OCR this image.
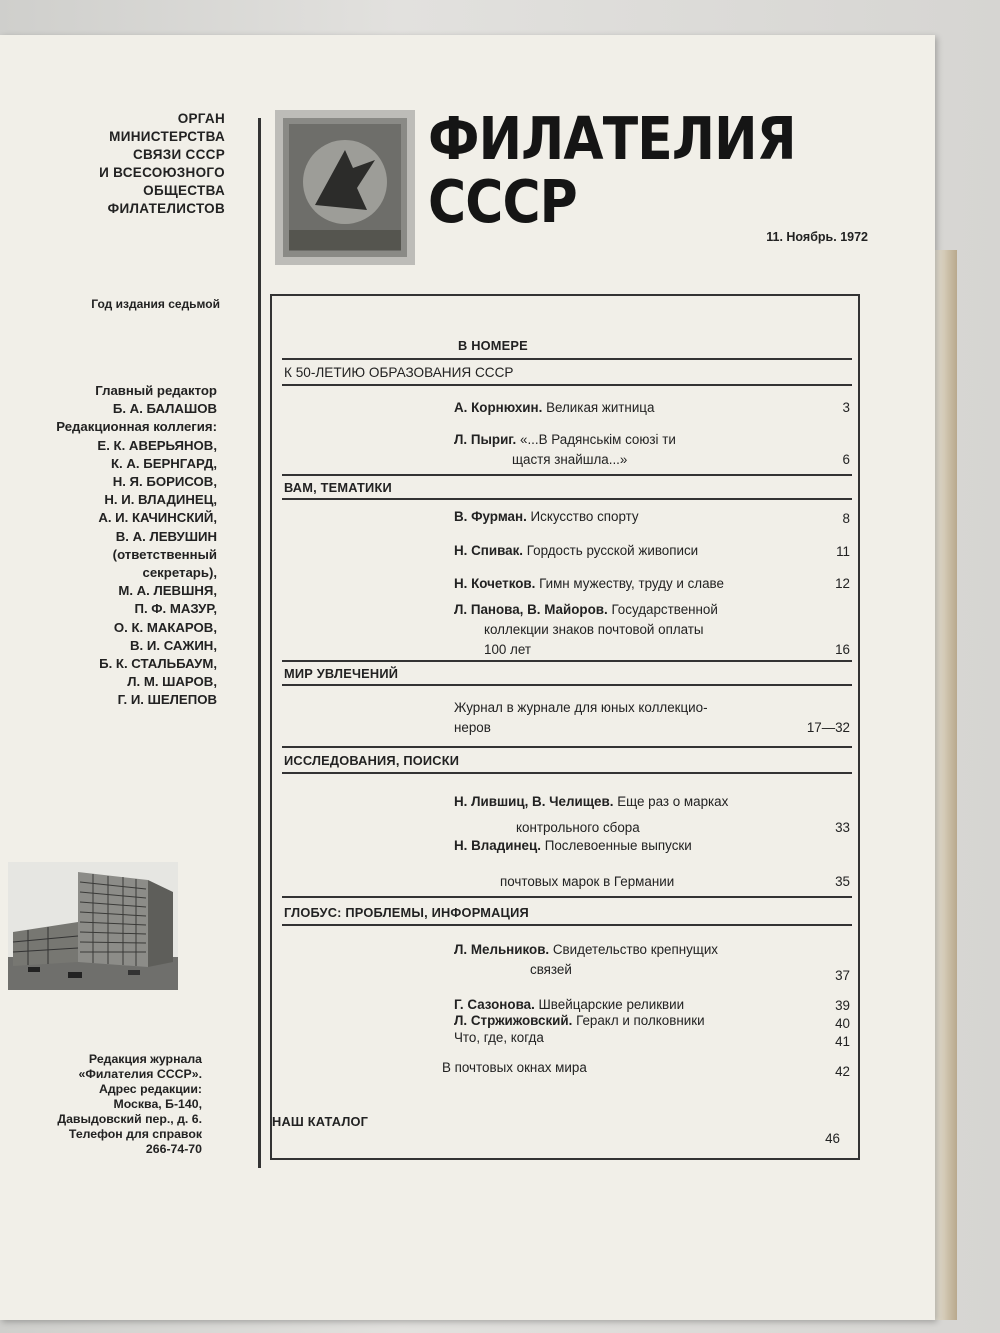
ОРГАН
МИНИСТЕРСТВА
СВЯЗИ СССР
И ВСЕСОЮЗНОГО
ОБЩЕСТВА
ФИЛАТЕЛИСТОВ
Год издания седьмой
Главный редактор
Б. А. БАЛАШОВ
Редакционная коллегия:
Е. К. АВЕРЬЯНОВ,
К. А. БЕРНГАРД,
Н. Я. БОРИСОВ,
Н. И. ВЛАДИНЕЦ,
А. И. КАЧИНСКИЙ,
В. А. ЛЕВУШИН
(ответственный
секретарь),
М. А. ЛЕВШНЯ,
П. Ф. МАЗУР,
О. К. МАКАРОВ,
В. И. САЖИН,
Б. К. СТАЛЬБАУМ,
Л. М. ШАРОВ,
Г. И. ШЕЛЕПОВ
Редакция журнала
«Филателия СССР».
Адрес редакции:
Москва, Б-140,
Давыдовский пер., д. 6.
Телефон для справок
266-74-70
ФИЛАТЕЛИЯ
СССР
11. Ноябрь. 1972
В НОМЕРЕ
К 50-ЛЕТИЮ ОБРАЗОВАНИЯ СССР
А. Корнюхин. Великая житница	3
Л. Пыриг. «...В Радянськім союзі ти
щастя знайшла...»	6
ВАМ, ТЕМАТИКИ
В. Фурман. Искусство спорту	8
Н. Спивак. Гордость русской живописи	11
Н. Кочетков. Гимн мужеству, труду и славе	12
Л. Панова, В. Майоров. Государственной
коллекции знаков почтовой оплаты
100 лет	16
МИР УВЛЕЧЕНИЙ
Журнал в журнале для юных коллекцио-
неров	17—32
ИССЛЕДОВАНИЯ, ПОИСКИ
Н. Лившиц, В. Челищев. Еще раз о марках
контрольного сбора	33
Н. Владинец. Послевоенные выпуски
почтовых марок в Германии	35
ГЛОБУС: ПРОБЛЕМЫ, ИНФОРМАЦИЯ
Л. Мельников. Свидетельство крепнущих
связей	37
Г. Сазонова. Швейцарские реликвии	39
Л. Стржижовский. Геракл и полковники	40
Что, где, когда	41
В почтовых окнах мира	42
НАШ КАТАЛОГ
46
